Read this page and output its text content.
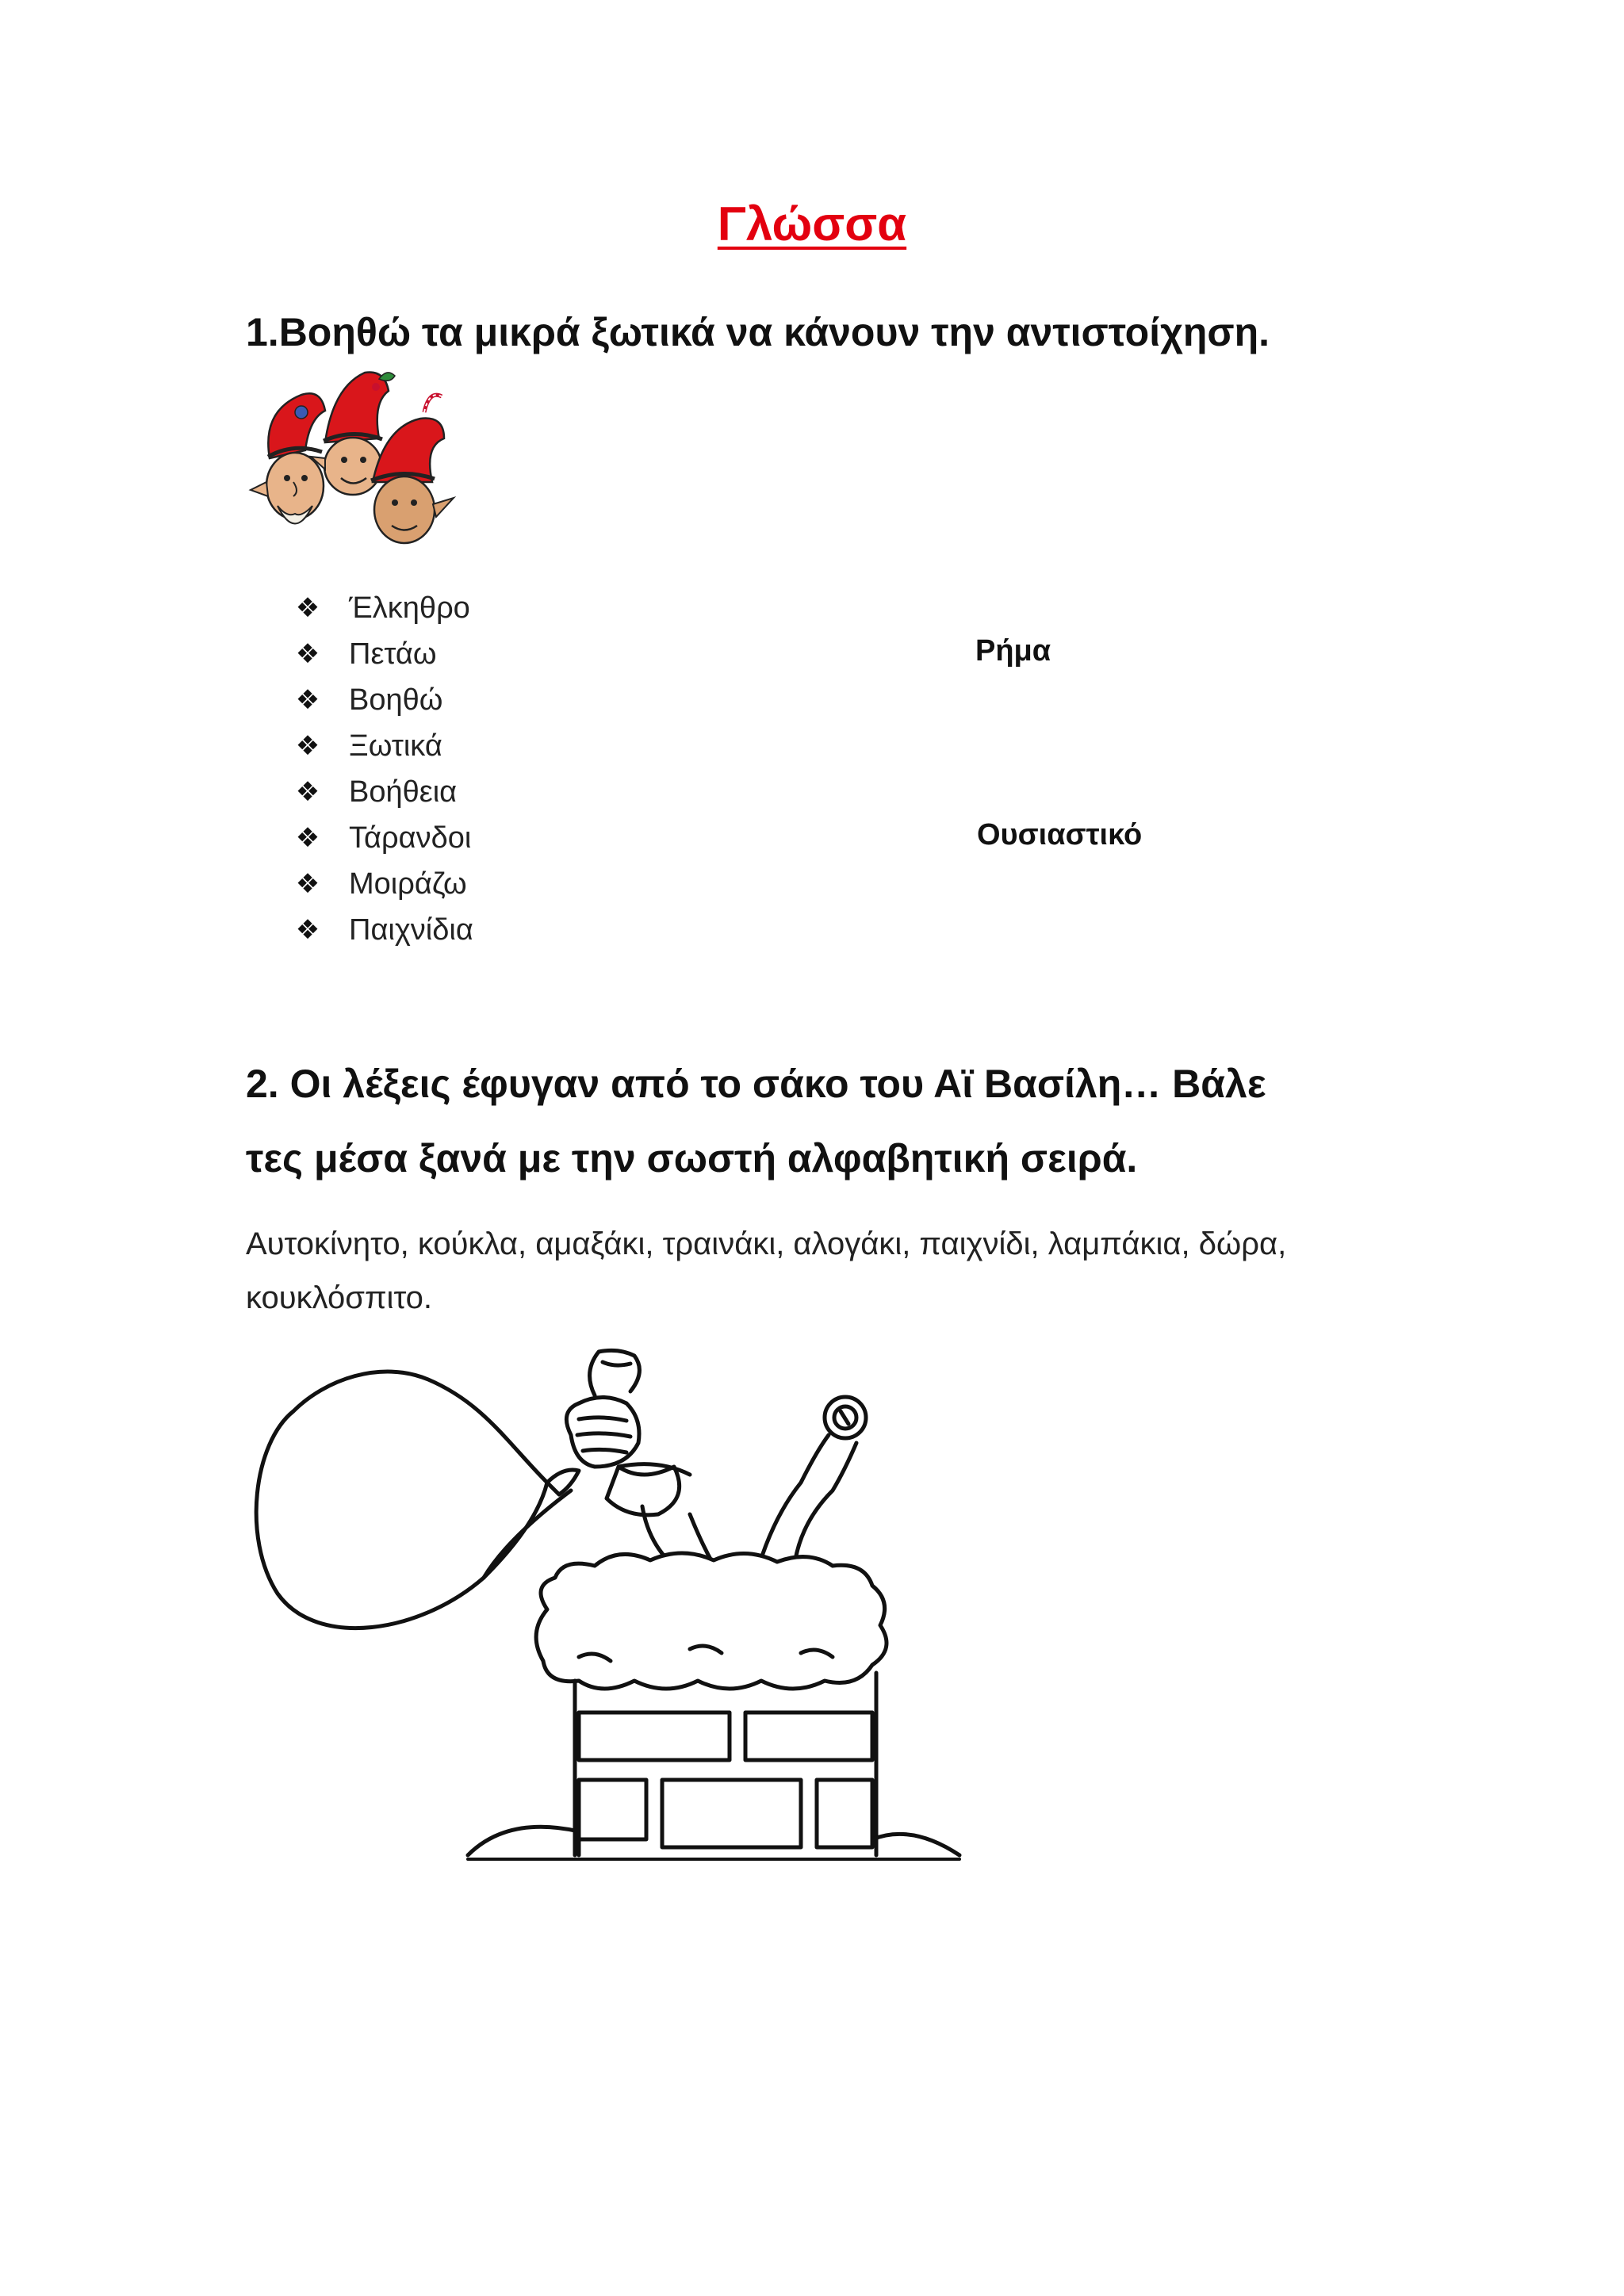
Γλώσσα
1.Βοηθώ τα μικρά ξωτικά να κάνουν την αντιστοίχηση.
❖ Έλκηθρο
❖ Πετάω
❖ Βοηθώ
❖ Ξωτικά
❖ Βοήθεια
❖ Τάρανδοι
❖ Μοιράζω
❖ Παιχνίδια
Ρήμα
Ουσιαστικό
2. Οι λέξεις έφυγαν από το σάκο του Αϊ Βασίλη… Βάλε
τες μέσα ξανά με την σωστή αλφαβητική σειρά.

Αυτοκίνητο, κούκλα, αμαξάκι, τραινάκι, αλογάκι, παιχνίδι, λαμπάκια, δώρα, κουκλόσπιτο.
